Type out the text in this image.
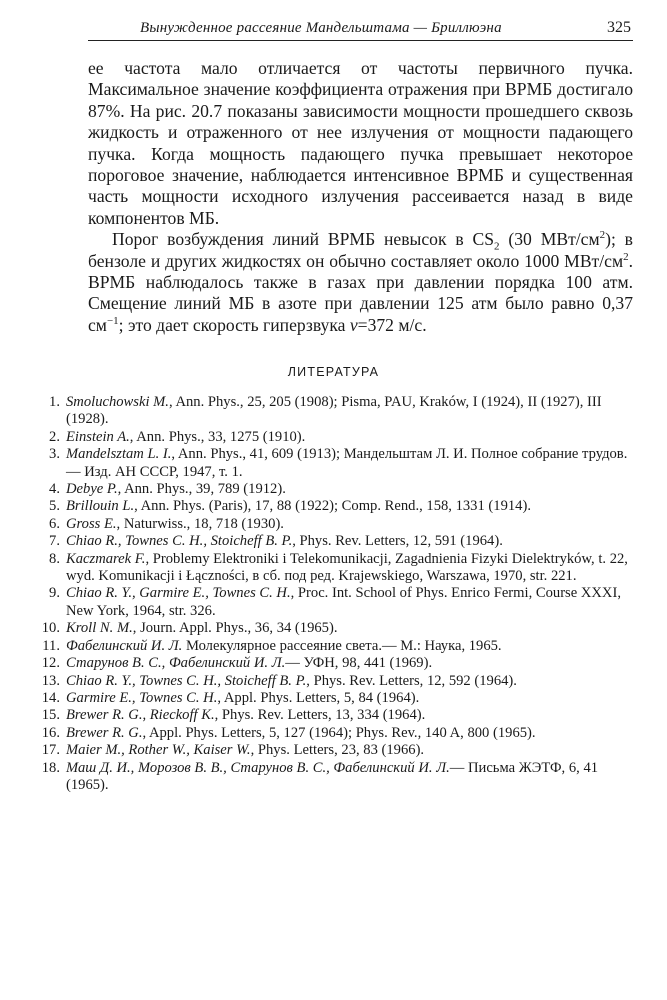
Вынужденное рассеяние Мандельштама — Бриллюэна	325

ее частота мало отличается от частоты первичного пучка. Максимальное значение коэффициента отражения при ВРМБ достигало 87%. На рис. 20.7 показаны зависимости мощности прошедшего сквозь жидкость и отраженного от нее излучения от мощности падающего пучка. Когда мощность падающего пучка превышает некоторое пороговое значение, наблюдается интенсивное ВРМБ и существенная часть мощности исходного излучения рассеивается назад в виде компонентов МБ.

Порог возбуждения линий ВРМБ невысок в $CS_2$ (30 МВт/$см^2$); в бензоле и других жидкостях он обычно составляет около 1000 МВт/$см^2$. ВРМБ наблюдалось также в газах при давлении порядка 100 атм. Смещение линий МБ в азоте при давлении 125 атм было равно 0,37 $см^{-1}$; это дает скорость гиперзвука v=372 м/с.

ЛИТЕРАТУРА
1. Smoluchowski M., Ann. Phys., 25, 205 (1908); Pisma, PAU, Kraków, I (1924), II (1927), III (1928).
2. Einstein A., Ann. Phys., 33, 1275 (1910).
3. Mandelsztam L. I., Ann. Phys., 41, 609 (1913); Мандельштам Л. И. Полное собрание трудов.— Изд. АН СССР, 1947, т. 1.
4. Debye P., Ann. Phys., 39, 789 (1912).
5. Brillouin L., Ann. Phys. (Paris), 17, 88 (1922); Comp. Rend., 158, 1331 (1914).
6. Gross E., Naturwiss., 18, 718 (1930).
7. Chiao R., Townes C. H., Stoicheff B. P., Phys. Rev. Letters, 12, 591 (1964).
8. Kaczmarek F., Problemy Elektroniki i Telekomunikacji, Zagadnienia Fizyki Dielektryków, t. 22, wyd. Komunikacji i Łączności, в сб. под ред. Krajewskiego, Warszawa, 1970, str. 221.
9. Chiao R. Y., Garmire E., Townes C. H., Proc. Int. School of Phys. Enrico Fermi, Course XXXI, New York, 1964, str. 326.
10. Kroll N. M., Journ. Appl. Phys., 36, 34 (1965).
11. Фабелинский И. Л. Молекулярное рассеяние света.— М.: Наука, 1965.
12. Старунов В. С., Фабелинский И. Л.— УФН, 98, 441 (1969).
13. Chiao R. Y., Townes C. H., Stoicheff B. P., Phys. Rev. Letters, 12, 592 (1964).
14. Garmire E., Townes C. H., Appl. Phys. Letters, 5, 84 (1964).
15. Brewer R. G., Rieckoff K., Phys. Rev. Letters, 13, 334 (1964).
16. Brewer R. G., Appl. Phys. Letters, 5, 127 (1964); Phys. Rev., 140 A, 800 (1965).
17. Maier M., Rother W., Kaiser W., Phys. Letters, 23, 83 (1966).
18. Маш Д. И., Морозов В. В., Старунов В. С., Фабелинский И. Л.— Письма ЖЭТФ, 6, 41 (1965).
